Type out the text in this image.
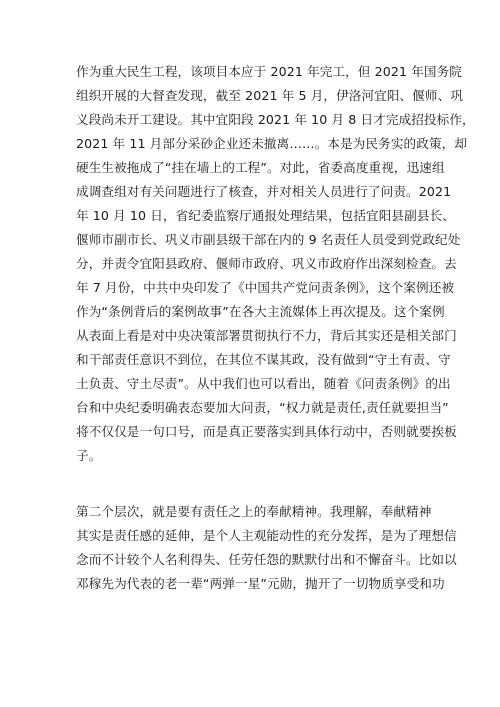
作为重大民生工程，该项目本应于 2021 年完工，但 2021 年国务院
组织开展的大督查发现，截至 2021 年 5 月，伊洛河宜阳、偃师、巩
义段尚未开工建设。其中宜阳段 2021 年 10 月 8 日才完成招投标作，
2021 年 11 月部分采砂企业还未撤离……。本是为民务实的政策，却
硬生生被拖成了“挂在墙上的工程”。对此，省委高度重视，迅速组
成调查组对有关问题进行了核查，并对相关人员进行了问责。2021
年 10 月 10 日，省纪委监察厅通报处理结果，包括宜阳县副县长、
偃师市副市长、巩义市副县级干部在内的 9 名责任人员受到党政纪处
分，并责令宜阳县政府、偃师市政府、巩义市政府作出深刻检查。去
年 7 月份，中共中央印发了《中国共产党问责条例》，这个案例还被
作为“条例背后的案例故事”在各大主流媒体上再次提及。这个案例
从表面上看是对中央决策部署贯彻执行不力，背后其实还是相关部门
和干部责任意识不到位，在其位不谋其政，没有做到“守土有责、守
土负责、守土尽责”。从中我们也可以看出，随着《问责条例》的出
台和中央纪委明确表态要加大问责，“权力就是责任,责任就要担当”
将不仅仅是一句口号，而是真正要落实到具体行动中，否则就要挨板
子。
第二个层次，就是要有责任之上的奉献精神。我理解，奉献精神
其实是责任感的延伸，是个人主观能动性的充分发挥，是为了理想信
念而不计较个人名利得失、任劳任怨的默默付出和不懈奋斗。比如以
邓稼先为代表的老一辈“两弹一星”元勋，抛开了一切物质享受和功
